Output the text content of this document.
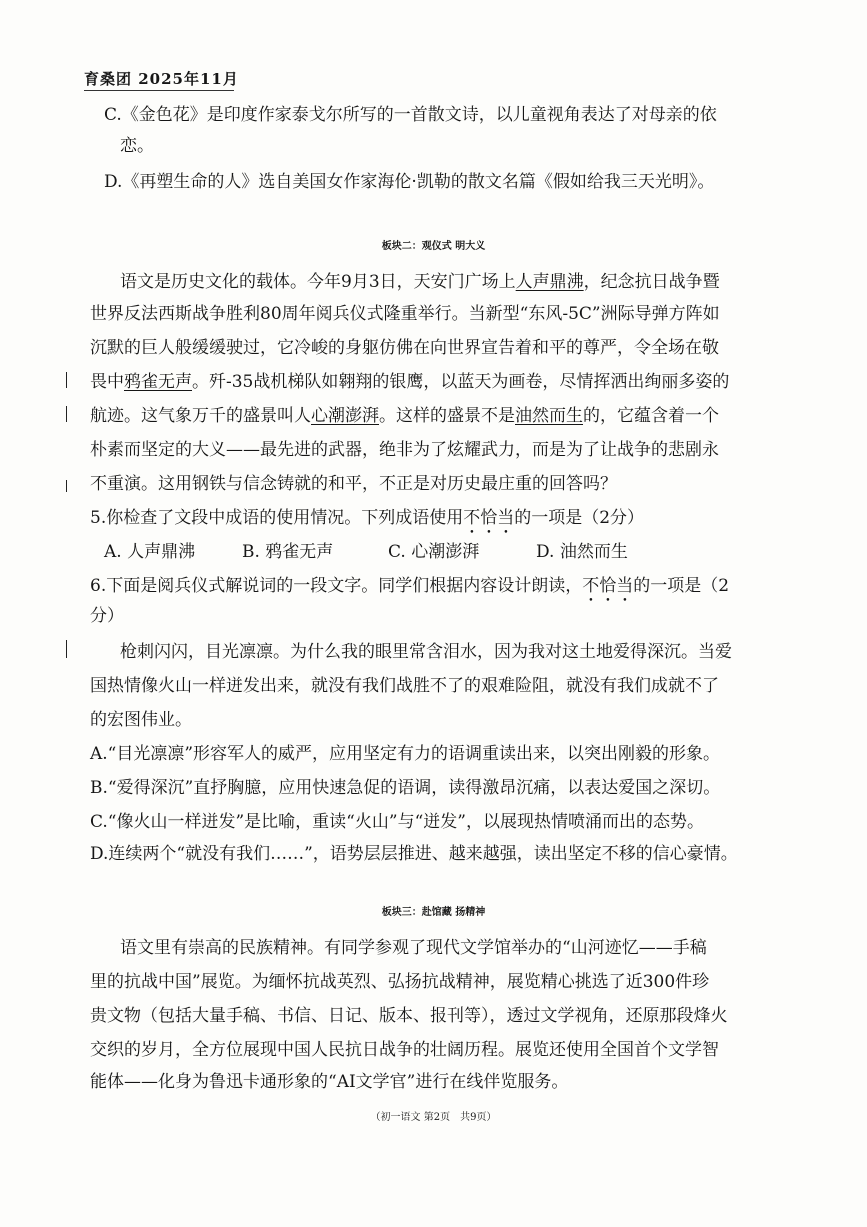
育桑团 2025年11月
C.《金色花》是印度作家泰戈尔所写的一首散文诗，以儿童视角表达了对母亲的依
恋。
D.《再塑生命的人》选自美国女作家海伦·凯勒的散文名篇《假如给我三天光明》。
板块二：观仪式 明大义
语文是历史文化的载体。今年9月3日，天安门广场上人声鼎沸，纪念抗日战争暨
世界反法西斯战争胜利80周年阅兵仪式隆重举行。当新型“东风-5C”洲际导弹方阵如
沉默的巨人般缓缓驶过，它冷峻的身躯仿佛在向世界宣告着和平的尊严，令全场在敬
畏中鸦雀无声。歼-35战机梯队如翱翔的银鹰，以蓝天为画卷，尽情挥洒出绚丽多姿的
航迹。这气象万千的盛景叫人心潮澎湃。这样的盛景不是油然而生的，它蕴含着一个
朴素而坚定的大义——最先进的武器，绝非为了炫耀武力，而是为了让战争的悲剧永
不重演。这用钢铁与信念铸就的和平，不正是对历史最庄重的回答吗？
5.你检查了文段中成语的使用情况。下列成语使用不恰当的一项是（2分）
A. 人声鼎沸	B. 鸦雀无声	C. 心潮澎湃	D. 油然而生
6.下面是阅兵仪式解说词的一段文字。同学们根据内容设计朗读，不恰当的一项是（2
分）
枪刺闪闪，目光凛凛。为什么我的眼里常含泪水，因为我对这土地爱得深沉。当爱
国热情像火山一样迸发出来，就没有我们战胜不了的艰难险阻，就没有我们成就不了
的宏图伟业。
A.“目光凛凛”形容军人的威严，应用坚定有力的语调重读出来，以突出刚毅的形象。
B.“爱得深沉”直抒胸臆，应用快速急促的语调，读得激昂沉痛，以表达爱国之深切。
C.“像火山一样迸发”是比喻，重读“火山”与“迸发”，以展现热情喷涌而出的态势。
D.连续两个“就没有我们……”，语势层层推进、越来越强，读出坚定不移的信心豪情。
板块三：赴馆藏 扬精神
语文里有崇高的民族精神。有同学参观了现代文学馆举办的“山河迹忆——手稿
里的抗战中国”展览。为缅怀抗战英烈、弘扬抗战精神，展览精心挑选了近300件珍
贵文物（包括大量手稿、书信、日记、版本、报刊等），透过文学视角，还原那段烽火
交织的岁月，全方位展现中国人民抗日战争的壮阔历程。展览还使用全国首个文学智
能体——化身为鲁迅卡通形象的“AI文学官”进行在线伴览服务。
（初一语文 第2页　共9页）
